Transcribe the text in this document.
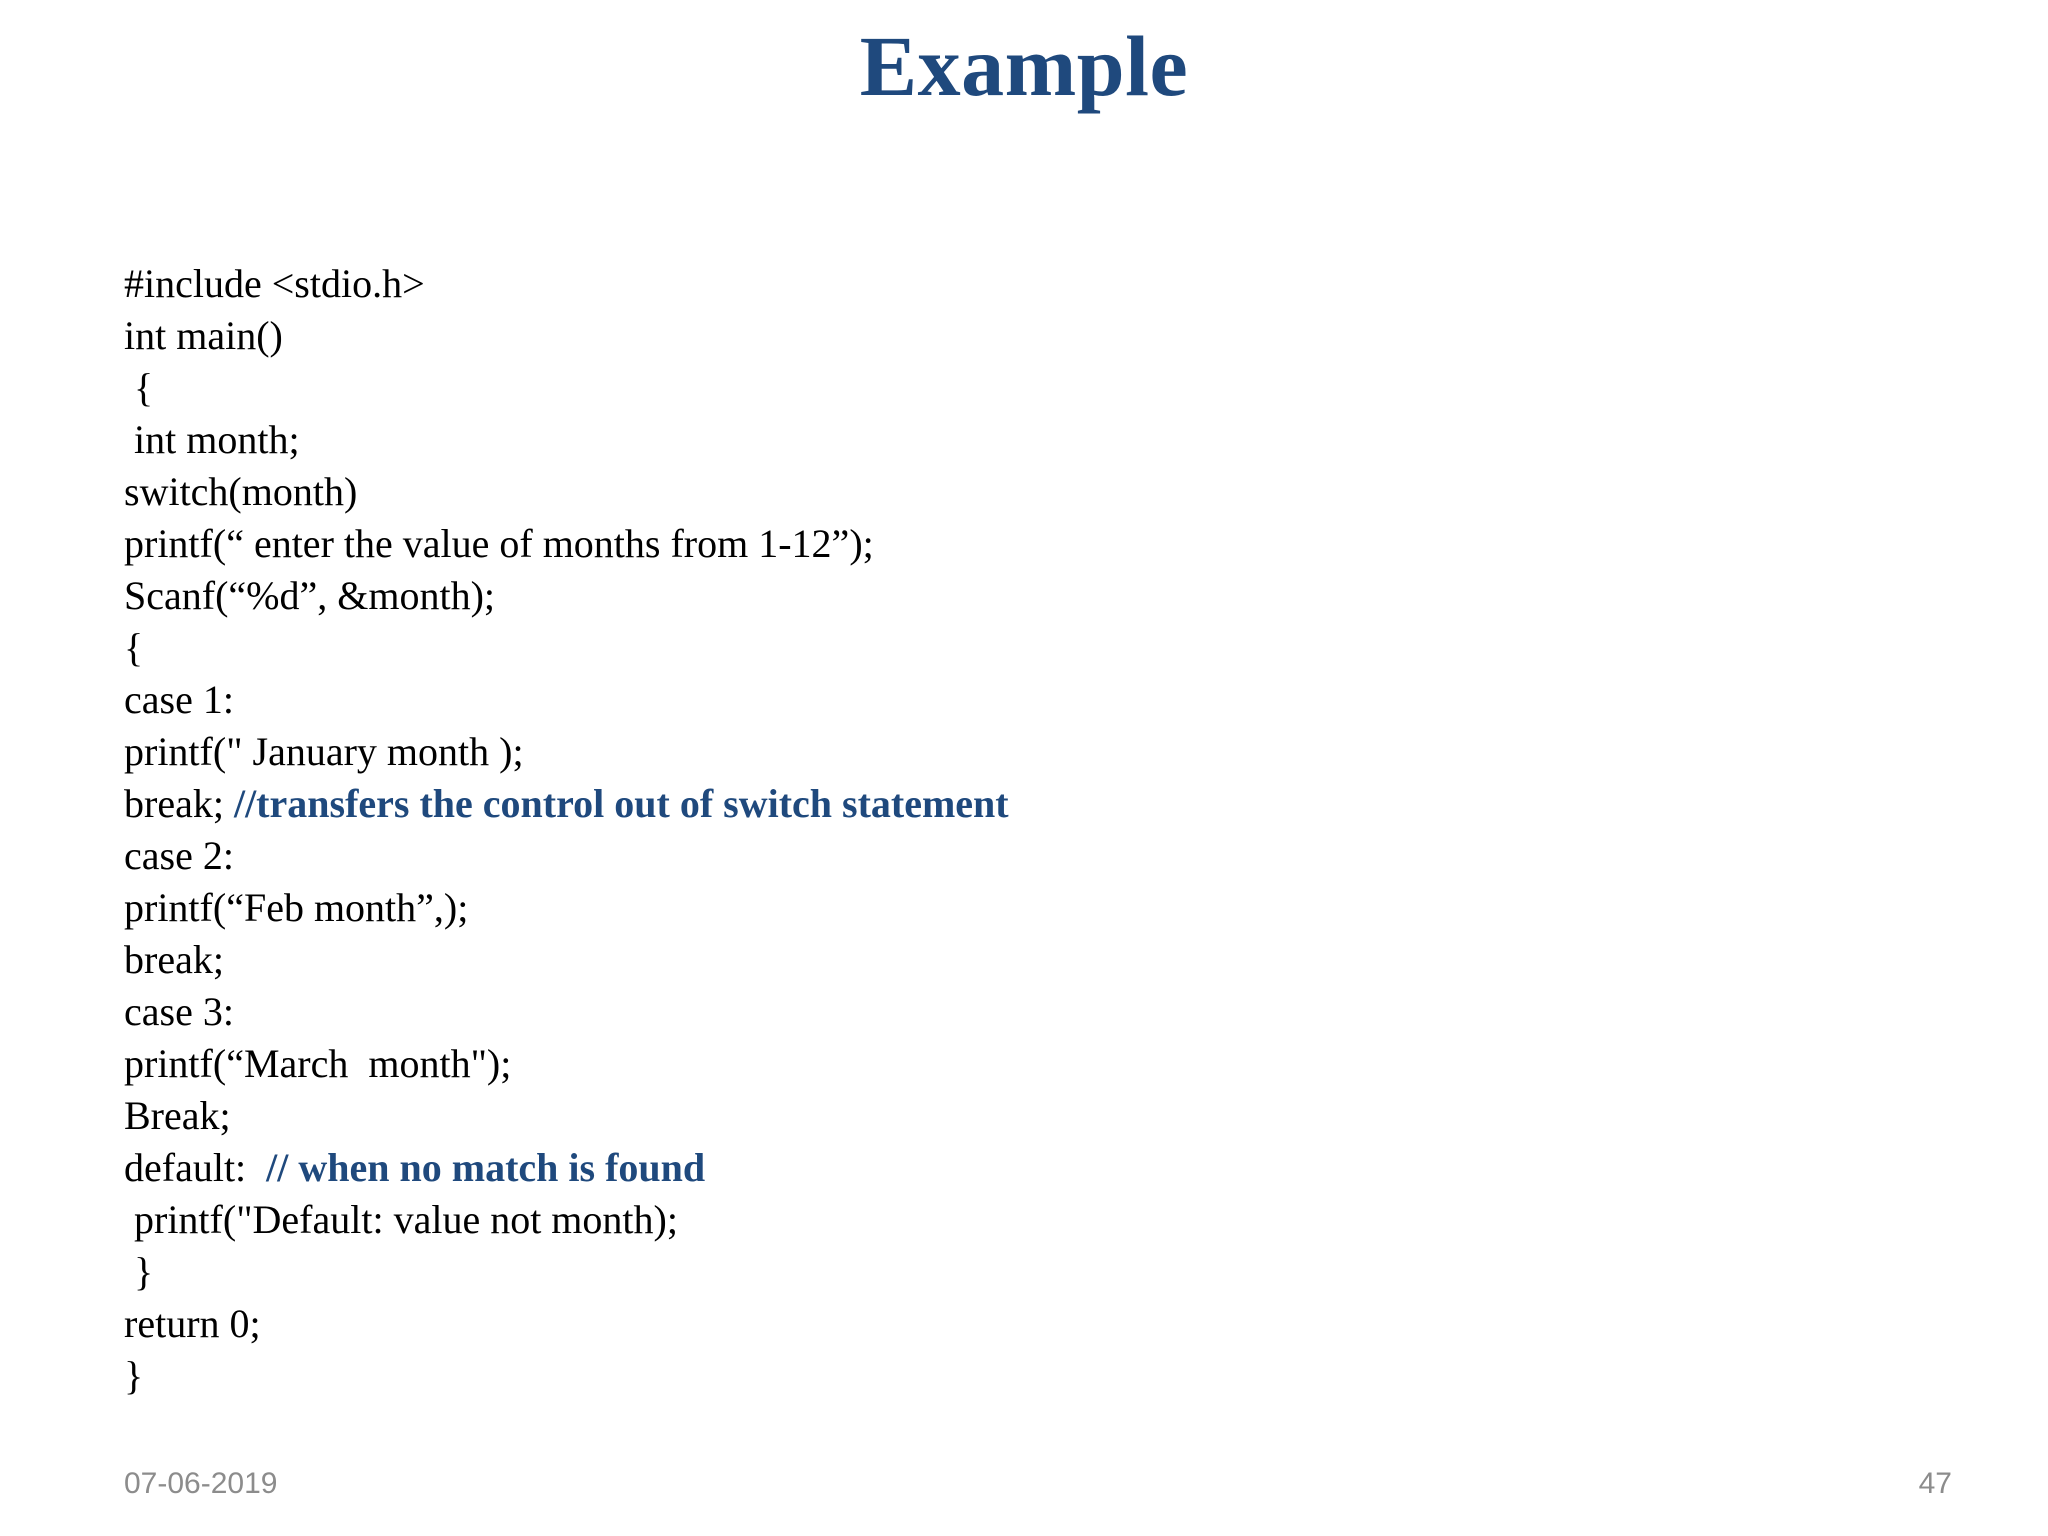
Example
#include <stdio.h>
int main()
{
int month;
switch(month)
printf(“ enter the value of months from 1-12”);
Scanf(“%d”, &month);
{
case 1:
printf(" January month );
break; //transfers the control out of switch statement
case 2:
printf(“Feb month”,);
break;
case 3:
printf(“March  month");
Break;
default:  // when no match is found
printf("Default: value not month);
}
return 0;
}
07-06-2019	47
